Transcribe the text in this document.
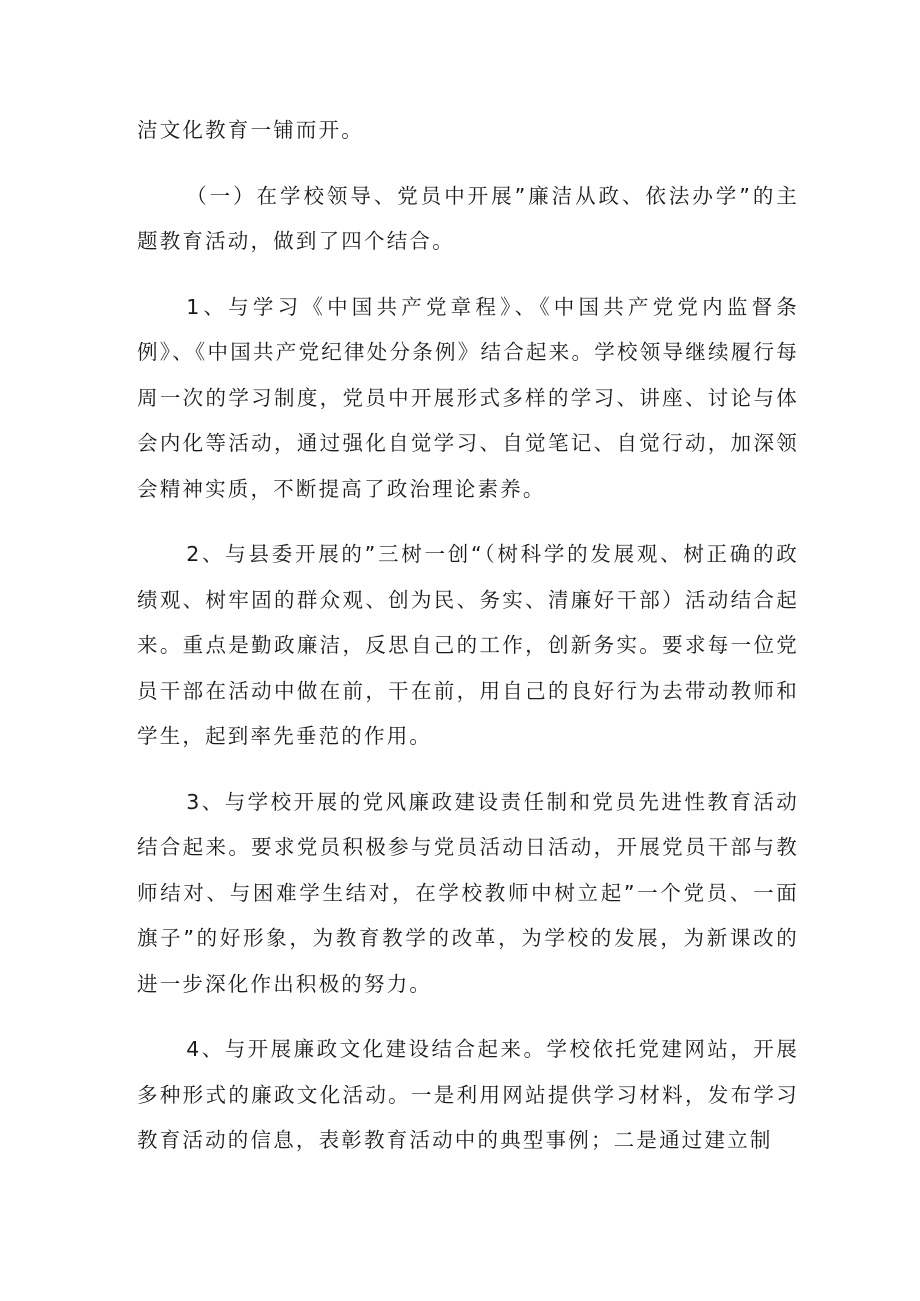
洁文化教育一铺而开。

（一）在学校领导、党员中开展”廉洁从政、依法办学”的主题教育活动，做到了四个结合。

1、与学习《中国共产党章程》、《中国共产党党内监督条例》、《中国共产党纪律处分条例》结合起来。学校领导继续履行每周一次的学习制度，党员中开展形式多样的学习、讲座、讨论与体会内化等活动，通过强化自觉学习、自觉笔记、自觉行动，加深领会精神实质，不断提高了政治理论素养。

2、与县委开展的”三树一创“（树科学的发展观、树正确的政绩观、树牢固的群众观、创为民、务实、清廉好干部）活动结合起来。重点是勤政廉洁，反思自己的工作，创新务实。要求每一位党员干部在活动中做在前，干在前，用自己的良好行为去带动教师和学生，起到率先垂范的作用。

3、与学校开展的党风廉政建设责任制和党员先进性教育活动结合起来。要求党员积极参与党员活动日活动，开展党员干部与教师结对、与困难学生结对，在学校教师中树立起”一个党员、一面旗子”的好形象，为教育教学的改革，为学校的发展，为新课改的进一步深化作出积极的努力。

4、与开展廉政文化建设结合起来。学校依托党建网站，开展多种形式的廉政文化活动。一是利用网站提供学习材料，发布学习教育活动的信息，表彰教育活动中的典型事例；二是通过建立制
